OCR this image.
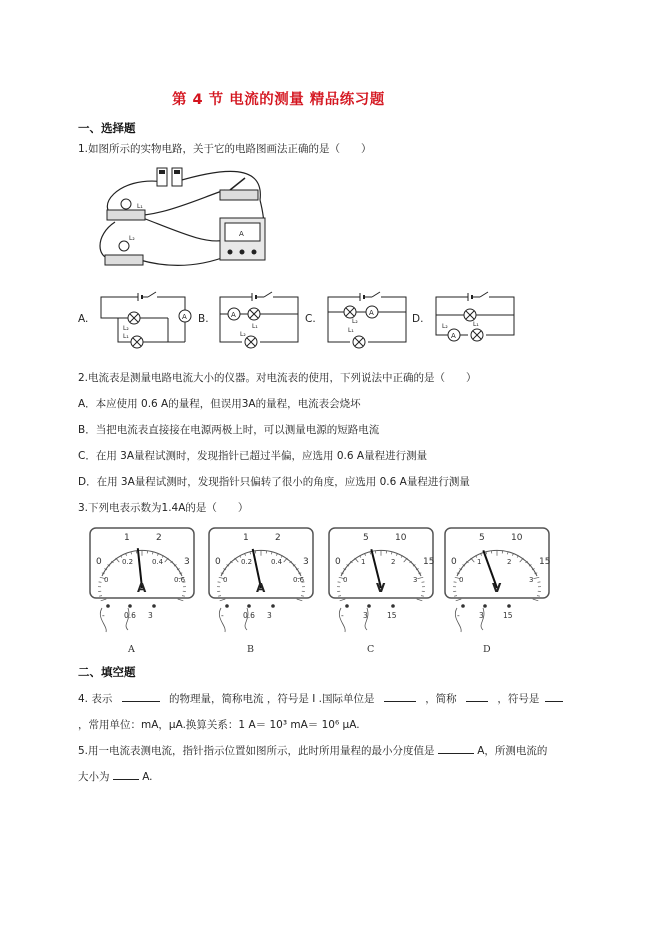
第 4 节 电流的测量 精品练习题
一、选择题
1.如图所示的实物电路，关于它的电路图画法正确的是（　　）
L₁
L₂
A
A.	A
L₂
L₁
B.	A
L₁
L₂
C.	A
L₁
L₂	D.
A
L₁
L₂
2.电流表是测量电路电流大小的仪器。对电流表的使用，下列说法中正确的是（　　）
A．本应使用 0.6 A的量程，但误用3A的量程，电流表会烧坏
B．当把电流表直接接在电源两极上时，可以测量电源的短路电流
C．在用 3A量程试测时，发现指针已超过半偏，应选用 0.6 A量程进行测量
D．在用 3A量程试测时，发现指针只偏转了很小的角度，应选用 0.6 A量程进行测量
3.下列电表示数为1.4A的是（　　）
0
1	2
3
0
0.2	0.4
0.6
A
-	0.6 3
A
0
1	2
3
0
0.2	0.4
0.6
A
-	0.6 3
B
0
5	10
15
0
1	2
3
V
-	3	15
C
0
5	10
15
0
1	2
3
V
-	3	15
D
二、填空题
4. 表示	的物理量，简称电流 ，符号是 I .国际单位是	，简称	，符号是
，常用单位：mA，μA.换算关系：1 A＝ 10³ mA＝ 10⁶ μA.
5.用一电流表测电流，指针指示位置如图所示，此时所用量程的最小分度值是	A，所测电流的
大小为	A.
